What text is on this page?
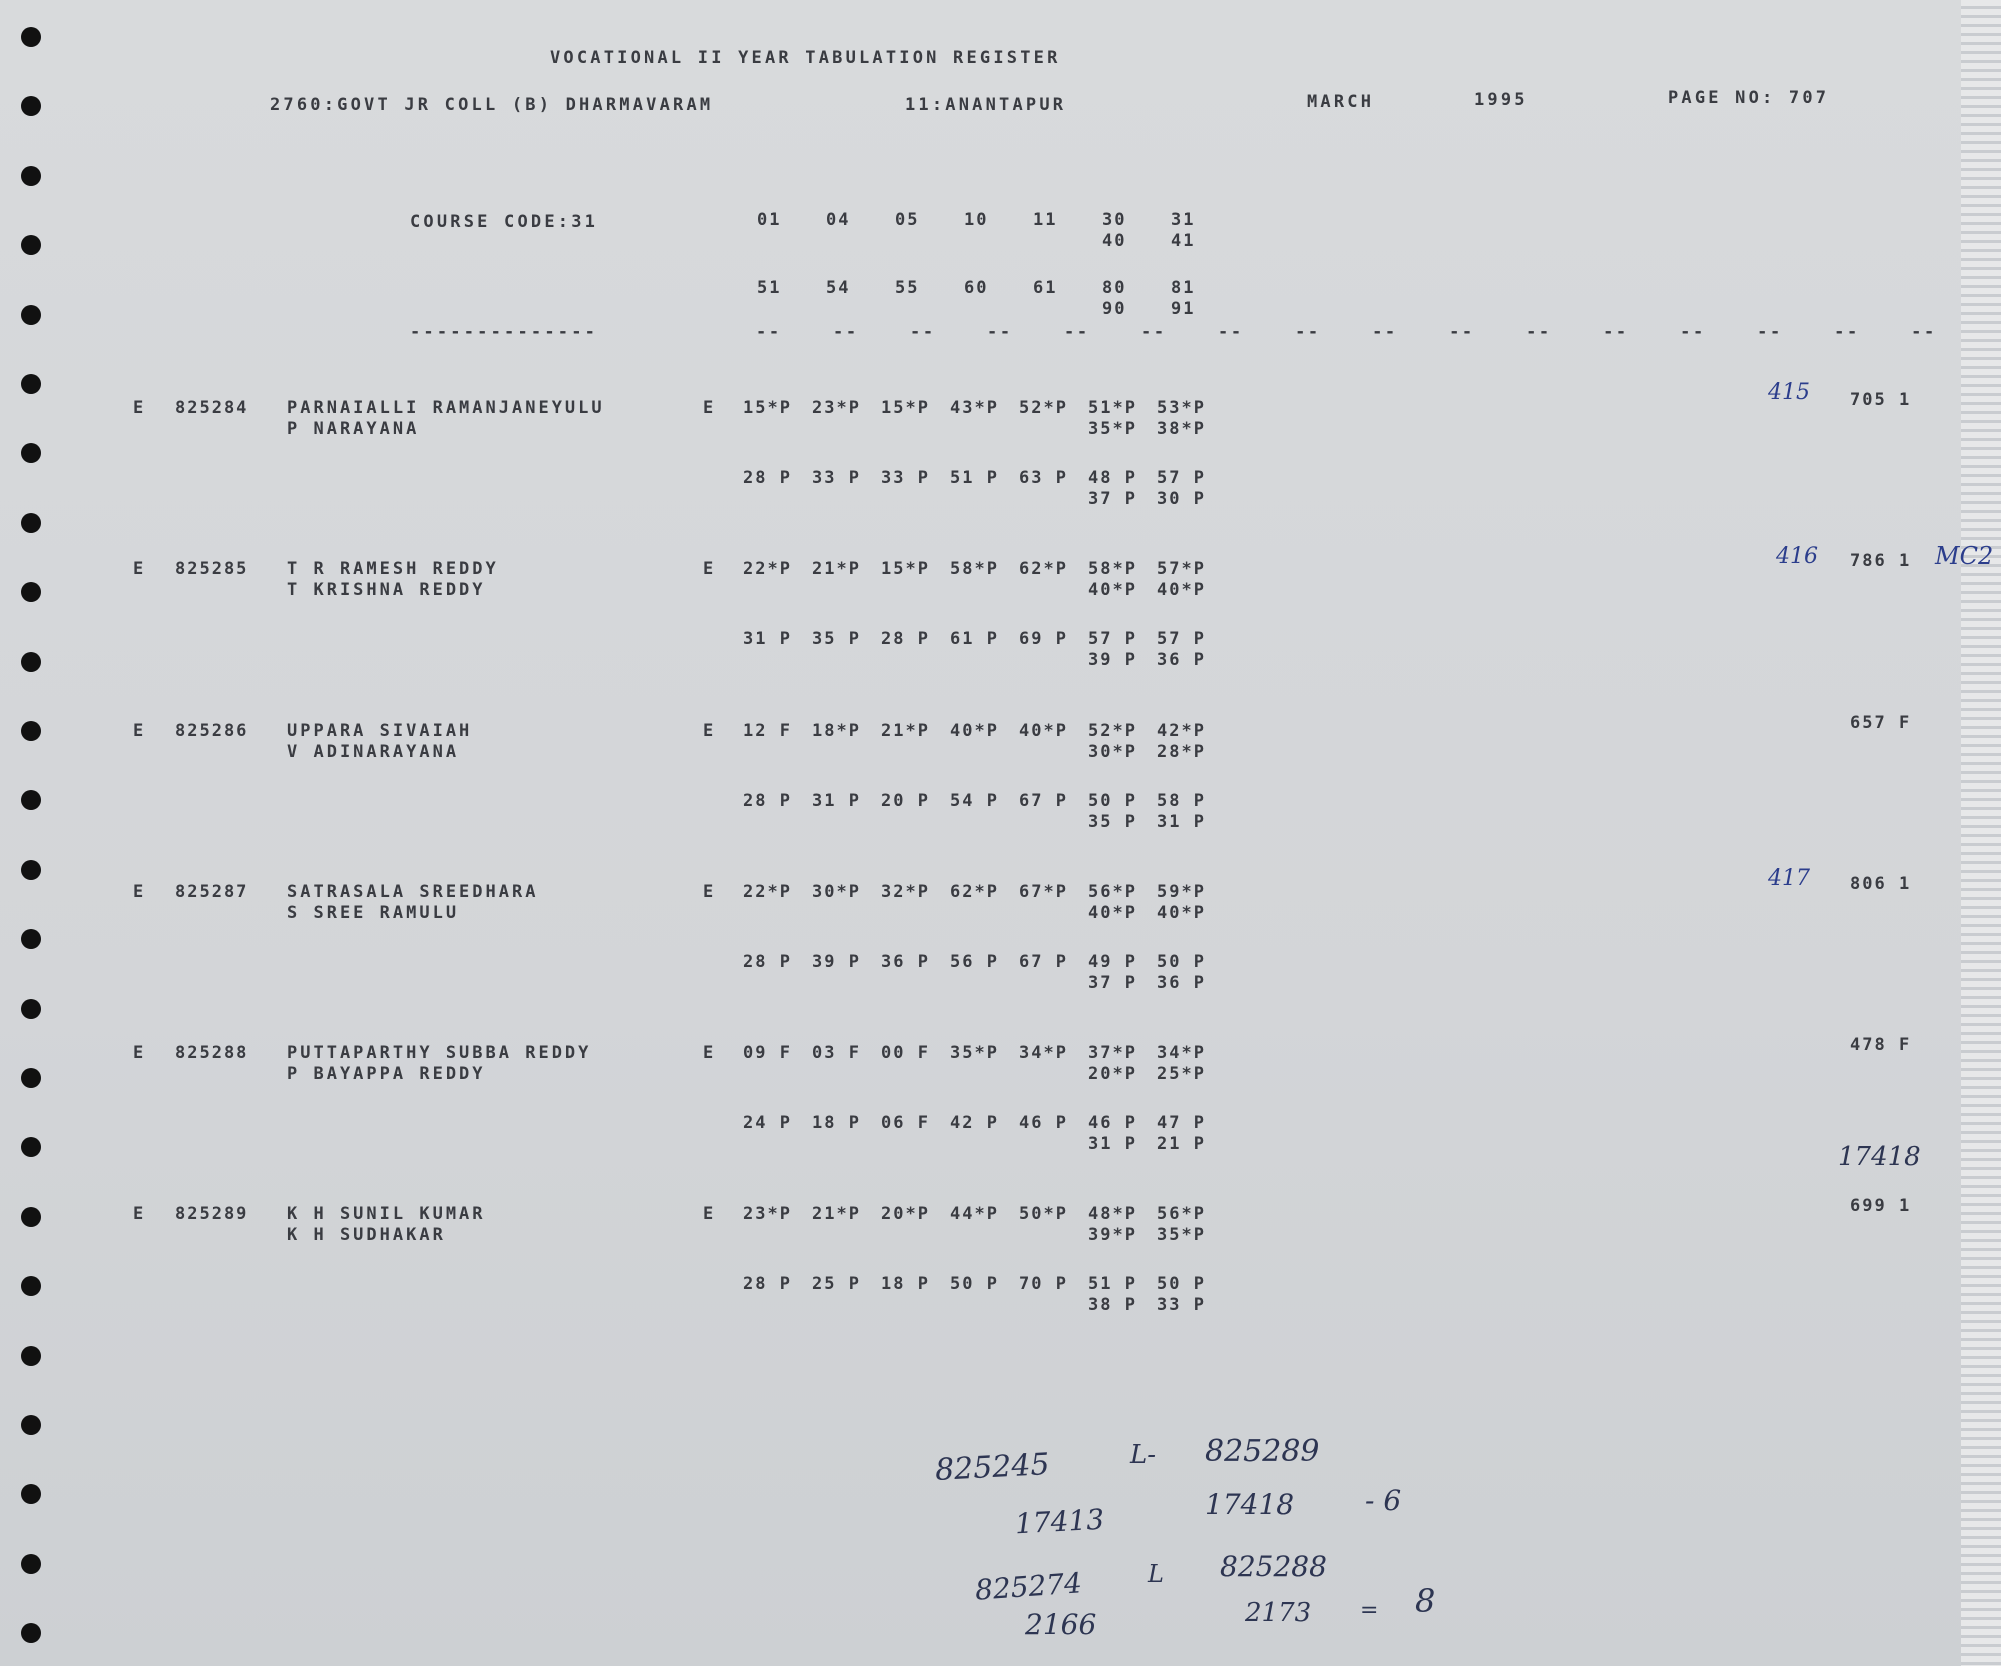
VOCATIONAL II YEAR TABULATION REGISTER
2760:GOVT JR COLL (B) DHARMAVARAM	11:ANANTAPUR	MARCH	1995	PAGE NO: 707
COURSE CODE:31
--------------	--    --    --    --    --    --    --    --    --    --    --    --    --    --    --    --
01	04	05	10	11	30	31
40	41
51	54	55	60	61	80	81
90	91
E 825284 PARNAIALLI RAMANJANEYULU
P NARAYANA
E 15*P 23*P 15*P 43*P 52*P 51*P 53*P
35*P 38*P
28 P 33 P 33 P 51 P 63 P 48 P 57 P
37 P 30 P
705 1
415
E 825285 T R RAMESH REDDY
T KRISHNA REDDY
E 22*P 21*P 15*P 58*P 62*P 58*P 57*P
40*P 40*P
31 P 35 P 28 P 61 P 69 P 57 P 57 P
39 P 36 P
786 1
416
E 825286 UPPARA SIVAIAH
V ADINARAYANA
E 12 F 18*P 21*P 40*P 40*P 52*P 42*P
30*P 28*P
28 P 31 P 20 P 54 P 67 P 50 P 58 P
35 P 31 P
657 F
E 825287 SATRASALA SREEDHARA
S SREE RAMULU
E 22*P 30*P 32*P 62*P 67*P 56*P 59*P
40*P 40*P
28 P 39 P 36 P 56 P 67 P 49 P 50 P
37 P 36 P
806 1
417
E 825288 PUTTAPARTHY SUBBA REDDY
P BAYAPPA REDDY
E 09 F 03 F 00 F 35*P 34*P 37*P 34*P
20*P 25*P
24 P 18 P 06 F 42 P 46 P 46 P 47 P
31 P 21 P
478 F
E 825289 K H SUNIL KUMAR
K H SUDHAKAR
E 23*P 21*P 20*P 44*P 50*P 48*P 56*P
39*P 35*P
28 P 25 P 18 P 50 P 70 P 51 P 50 P
38 P 33 P
699 1
17418
MC2
825245	L- 825289
17413	17418	- 6
825274	L 825288
2166	2173 = 8
